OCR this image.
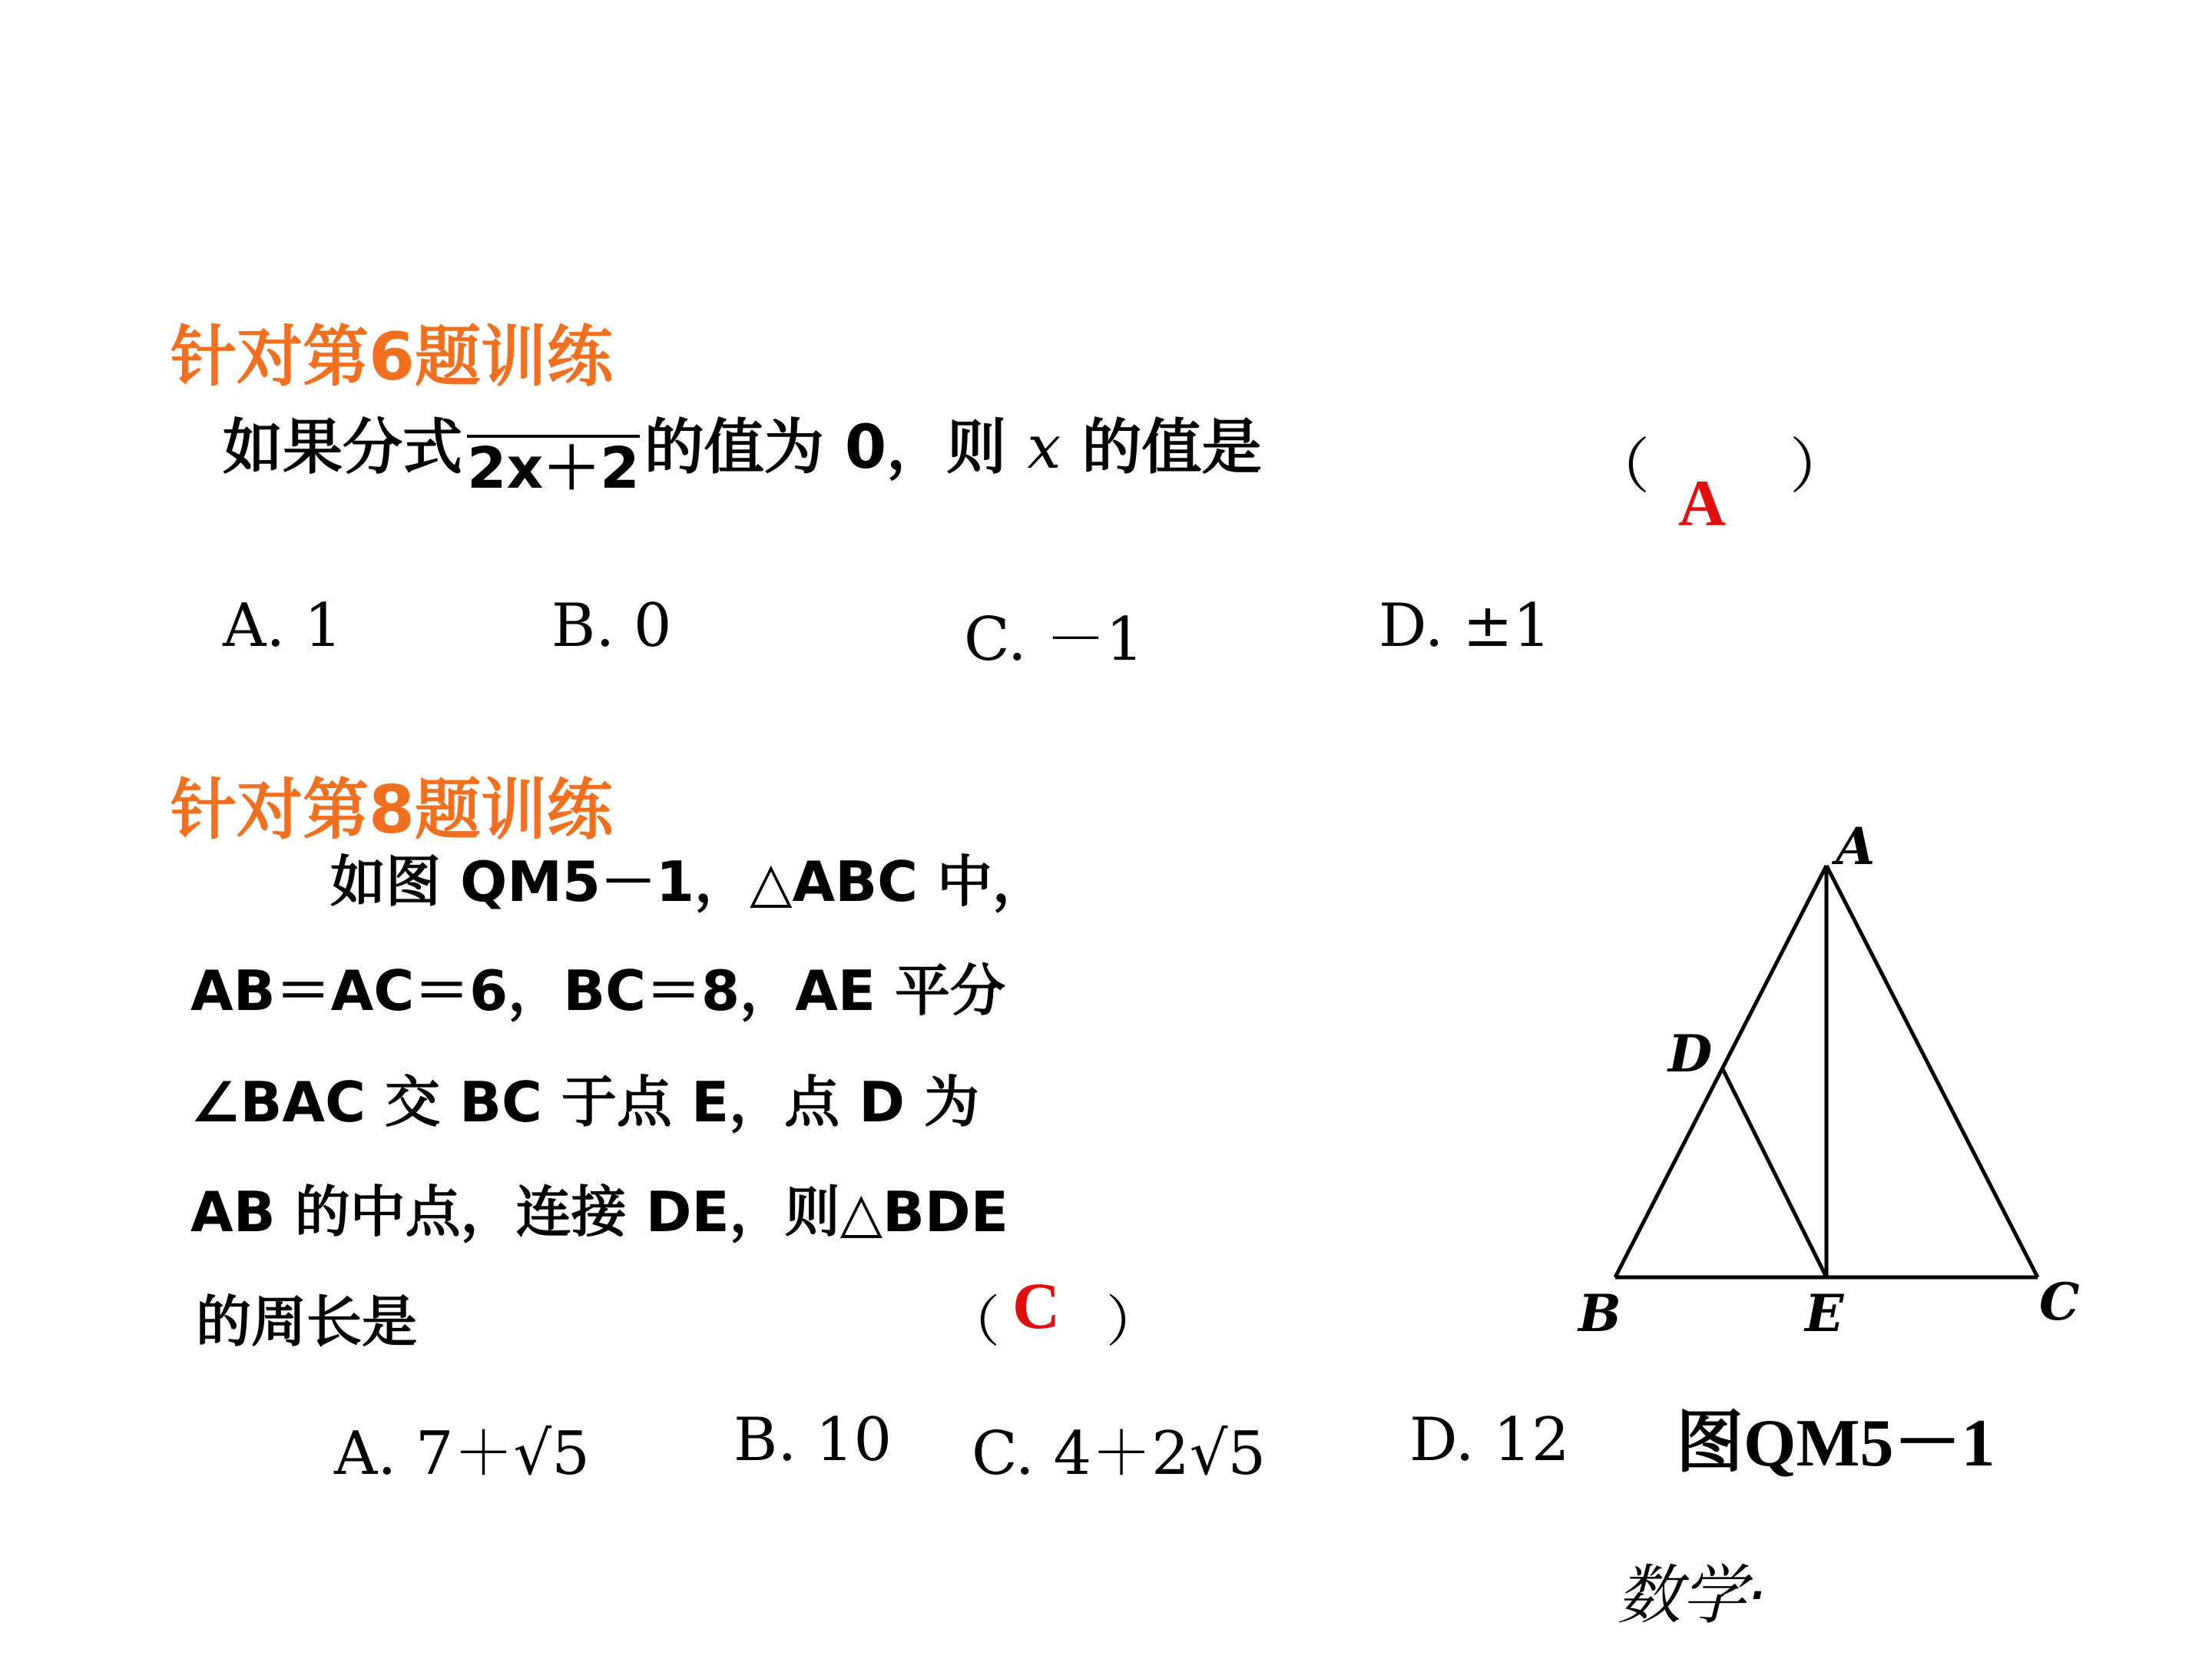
针对第6题训练
如果分式 2x＋2 的值为 0，则 x 的值是	（ A ）
A. 1	B. 0	C. －1	D. ±1
针对第8题训练
如图 QM5－1，△ABC 中，
AB＝AC＝6，BC＝8，AE 平分
∠BAC 交 BC 于点 E，点 D 为
AB 的中点，连接 DE，则△BDE
的周长是	（ C ）
A. 7＋√5 B. 10 C. 4＋2√5 D. 12
A
D
B	E	C
图QM5－1
数学·
